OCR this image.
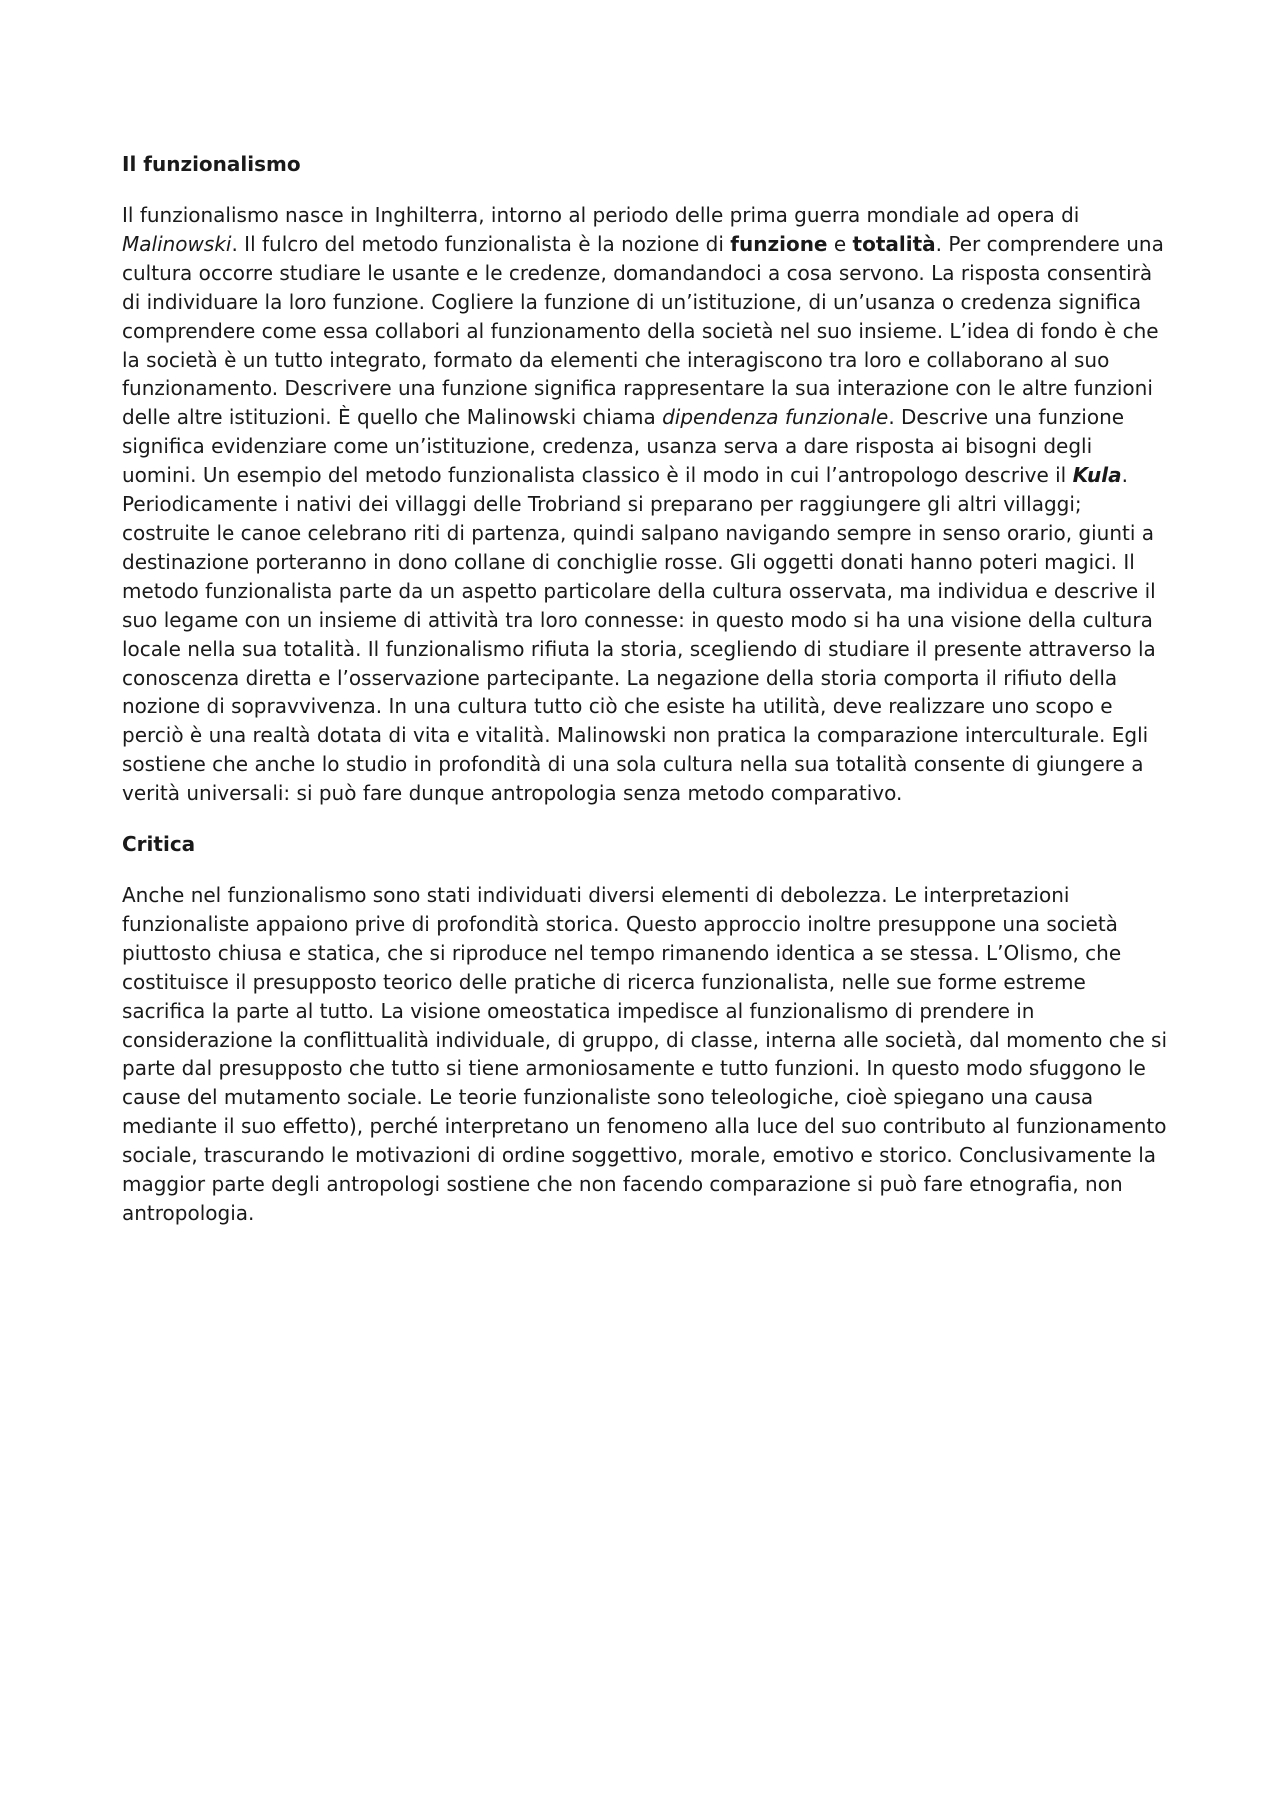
Il funzionalismo

Il funzionalismo nasce in Inghilterra, intorno al periodo delle prima guerra mondiale ad opera di Malinowski. Il fulcro del metodo funzionalista è la nozione di funzione e totalità. Per comprendere una cultura occorre studiare le usante e le credenze, domandandoci a cosa servono. La risposta consentirà di individuare la loro funzione. Cogliere la funzione di un’istituzione, di un’usanza o credenza significa comprendere come essa collabori al funzionamento della società nel suo insieme. L’idea di fondo è che la società è un tutto integrato, formato da elementi che interagiscono tra loro e collaborano al suo funzionamento. Descrivere una funzione significa rappresentare la sua interazione con le altre funzioni delle altre istituzioni. È quello che Malinowski chiama dipendenza funzionale. Descrive una funzione significa evidenziare come un’istituzione, credenza, usanza serva a dare risposta ai bisogni degli uomini. Un esempio del metodo funzionalista classico è il modo in cui l’antropologo descrive il Kula. Periodicamente i nativi dei villaggi delle Trobriand si preparano per raggiungere gli altri villaggi; costruite le canoe celebrano riti di partenza, quindi salpano navigando sempre in senso orario, giunti a destinazione porteranno in dono collane di conchiglie rosse. Gli oggetti donati hanno poteri magici. Il metodo funzionalista parte da un aspetto particolare della cultura osservata, ma individua e descrive il suo legame con un insieme di attività tra loro connesse: in questo modo si ha una visione della cultura locale nella sua totalità. Il funzionalismo rifiuta la storia, scegliendo di studiare il presente attraverso la conoscenza diretta e l’osservazione partecipante. La negazione della storia comporta il rifiuto della nozione di sopravvivenza. In una cultura tutto ciò che esiste ha utilità, deve realizzare uno scopo e perciò è una realtà dotata di vita e vitalità. Malinowski non pratica la comparazione interculturale. Egli sostiene che anche lo studio in profondità di una sola cultura nella sua totalità consente di giungere a verità universali: si può fare dunque antropologia senza metodo comparativo.

Critica

Anche nel funzionalismo sono stati individuati diversi elementi di debolezza. Le interpretazioni funzionaliste appaiono prive di profondità storica. Questo approccio inoltre presuppone una società piuttosto chiusa e statica, che si riproduce nel tempo rimanendo identica a se stessa. L’Olismo, che costituisce il presupposto teorico delle pratiche di ricerca funzionalista, nelle sue forme estreme sacrifica la parte al tutto. La visione omeostatica impedisce al funzionalismo di prendere in considerazione la conflittualità individuale, di gruppo, di classe, interna alle società, dal momento che si parte dal presupposto che tutto si tiene armoniosamente e tutto funzioni. In questo modo sfuggono le cause del mutamento sociale. Le teorie funzionaliste sono teleologiche, cioè spiegano una causa mediante il suo effetto), perché interpretano un fenomeno alla luce del suo contributo al funzionamento sociale, trascurando le motivazioni di ordine soggettivo, morale, emotivo e storico. Conclusivamente la maggior parte degli antropologi sostiene che non facendo comparazione si può fare etnografia, non antropologia.
